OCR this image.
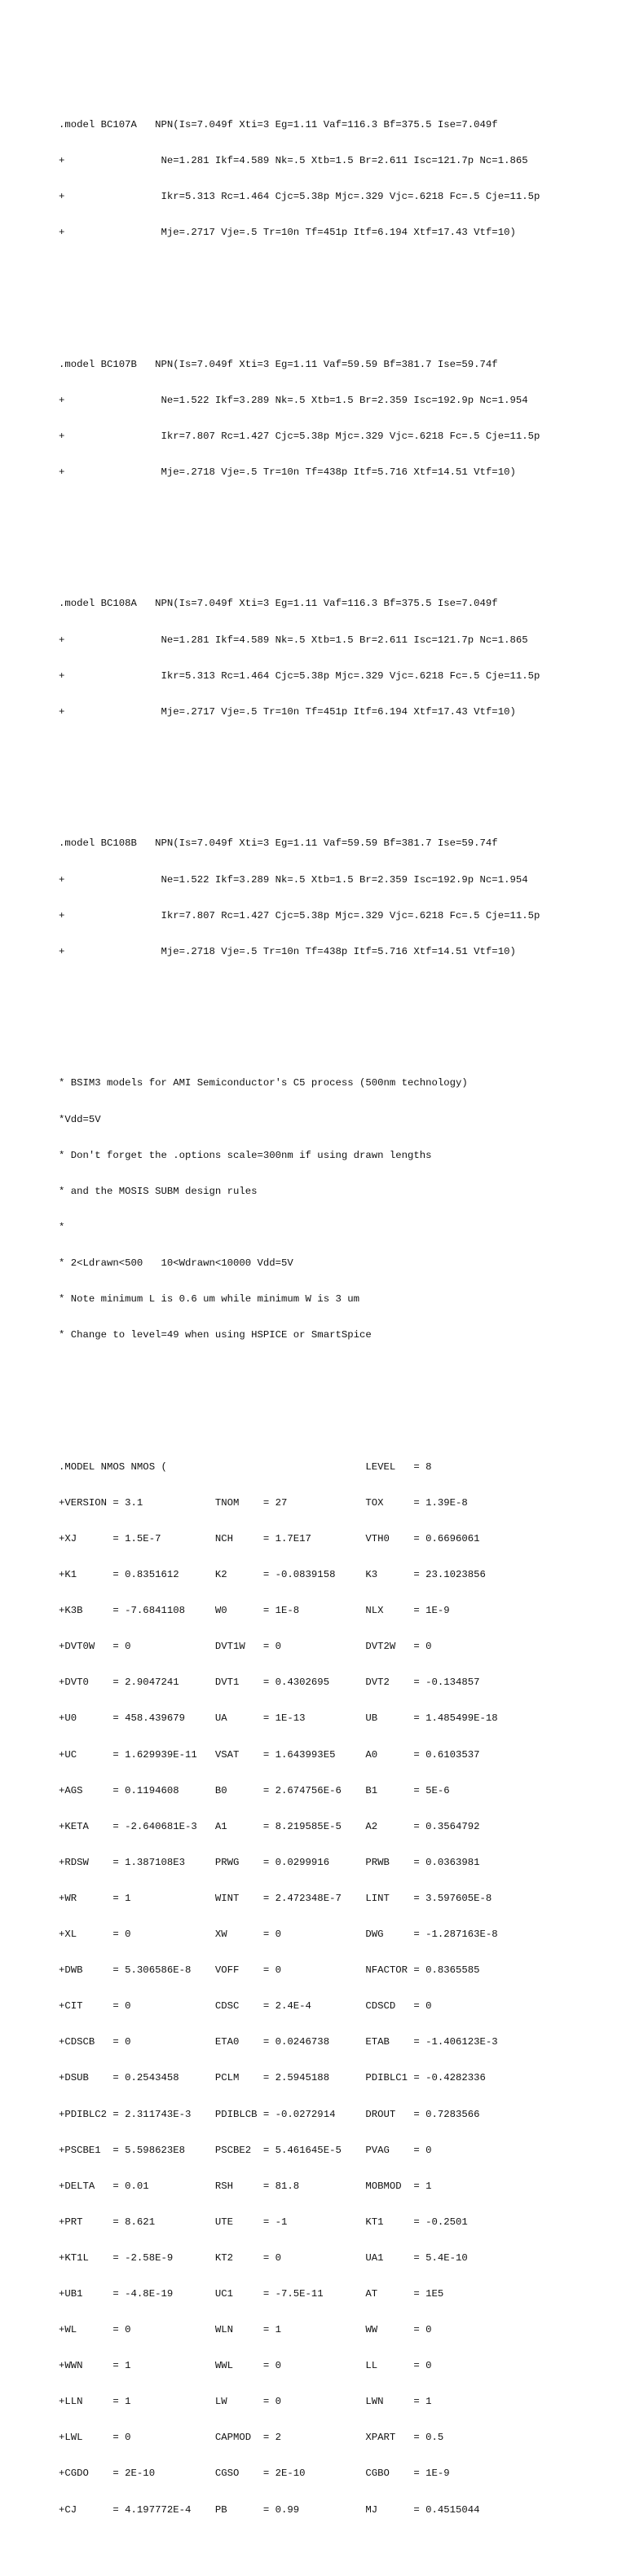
.model BC107A   NPN(Is=7.049f Xti=3 Eg=1.11 Vaf=116.3 Bf=375.5 Ise=7.049f

+                Ne=1.281 Ikf=4.589 Nk=.5 Xtb=1.5 Br=2.611 Isc=121.7p Nc=1.865

+                Ikr=5.313 Rc=1.464 Cjc=5.38p Mjc=.329 Vjc=.6218 Fc=.5 Cje=11.5p

+                Mje=.2717 Vje=.5 Tr=10n Tf=451p Itf=6.194 Xtf=17.43 Vtf=10)

.model BC107B   NPN(Is=7.049f Xti=3 Eg=1.11 Vaf=59.59 Bf=381.7 Ise=59.74f

+                Ne=1.522 Ikf=3.289 Nk=.5 Xtb=1.5 Br=2.359 Isc=192.9p Nc=1.954

+                Ikr=7.807 Rc=1.427 Cjc=5.38p Mjc=.329 Vjc=.6218 Fc=.5 Cje=11.5p

+                Mje=.2718 Vje=.5 Tr=10n Tf=438p Itf=5.716 Xtf=14.51 Vtf=10)

.model BC108A   NPN(Is=7.049f Xti=3 Eg=1.11 Vaf=116.3 Bf=375.5 Ise=7.049f

+                Ne=1.281 Ikf=4.589 Nk=.5 Xtb=1.5 Br=2.611 Isc=121.7p Nc=1.865

+                Ikr=5.313 Rc=1.464 Cjc=5.38p Mjc=.329 Vjc=.6218 Fc=.5 Cje=11.5p

+                Mje=.2717 Vje=.5 Tr=10n Tf=451p Itf=6.194 Xtf=17.43 Vtf=10)

.model BC108B   NPN(Is=7.049f Xti=3 Eg=1.11 Vaf=59.59 Bf=381.7 Ise=59.74f

+                Ne=1.522 Ikf=3.289 Nk=.5 Xtb=1.5 Br=2.359 Isc=192.9p Nc=1.954

+                Ikr=7.807 Rc=1.427 Cjc=5.38p Mjc=.329 Vjc=.6218 Fc=.5 Cje=11.5p

+                Mje=.2718 Vje=.5 Tr=10n Tf=438p Itf=5.716 Xtf=14.51 Vtf=10)

* BSIM3 models for AMI Semiconductor's C5 process (500nm technology)

*Vdd=5V

* Don't forget the .options scale=300nm if using drawn lengths

* and the MOSIS SUBM design rules

*

* 2<Ldrawn<500   10<Wdrawn<10000 Vdd=5V

* Note minimum L is 0.6 um while minimum W is 3 um

* Change to level=49 when using HSPICE or SmartSpice

.MODEL NMOS NMOS (                                 LEVEL   = 8

+VERSION = 3.1            TNOM    = 27             TOX     = 1.39E-8

+XJ      = 1.5E-7         NCH     = 1.7E17         VTH0    = 0.6696061

+K1      = 0.8351612      K2      = -0.0839158     K3      = 23.1023856

+K3B     = -7.6841108     W0      = 1E-8           NLX     = 1E-9

+DVT0W   = 0              DVT1W   = 0              DVT2W   = 0

+DVT0    = 2.9047241      DVT1    = 0.4302695      DVT2    = -0.134857

+U0      = 458.439679     UA      = 1E-13          UB      = 1.485499E-18

+UC      = 1.629939E-11   VSAT    = 1.643993E5     A0      = 0.6103537

+AGS     = 0.1194608      B0      = 2.674756E-6    B1      = 5E-6

+KETA    = -2.640681E-3   A1      = 8.219585E-5    A2      = 0.3564792

+RDSW    = 1.387108E3     PRWG    = 0.0299916      PRWB    = 0.0363981

+WR      = 1              WINT    = 2.472348E-7    LINT    = 3.597605E-8

+XL      = 0              XW      = 0              DWG     = -1.287163E-8

+DWB     = 5.306586E-8    VOFF    = 0              NFACTOR = 0.8365585

+CIT     = 0              CDSC    = 2.4E-4         CDSCD   = 0

+CDSCB   = 0              ETA0    = 0.0246738      ETAB    = -1.406123E-3

+DSUB    = 0.2543458      PCLM    = 2.5945188      PDIBLC1 = -0.4282336

+PDIBLC2 = 2.311743E-3    PDIBLCB = -0.0272914     DROUT   = 0.7283566

+PSCBE1  = 5.598623E8     PSCBE2  = 5.461645E-5    PVAG    = 0

+DELTA   = 0.01           RSH     = 81.8           MOBMOD  = 1

+PRT     = 8.621          UTE     = -1             KT1     = -0.2501

+KT1L    = -2.58E-9       KT2     = 0              UA1     = 5.4E-10

+UB1     = -4.8E-19       UC1     = -7.5E-11       AT      = 1E5

+WL      = 0              WLN     = 1              WW      = 0

+WWN     = 1              WWL     = 0              LL      = 0

+LLN     = 1              LW      = 0              LWN     = 1

+LWL     = 0              CAPMOD  = 2              XPART   = 0.5

+CGDO    = 2E-10          CGSO    = 2E-10          CGBO    = 1E-9

+CJ      = 4.197772E-4    PB      = 0.99           MJ      = 0.4515044
